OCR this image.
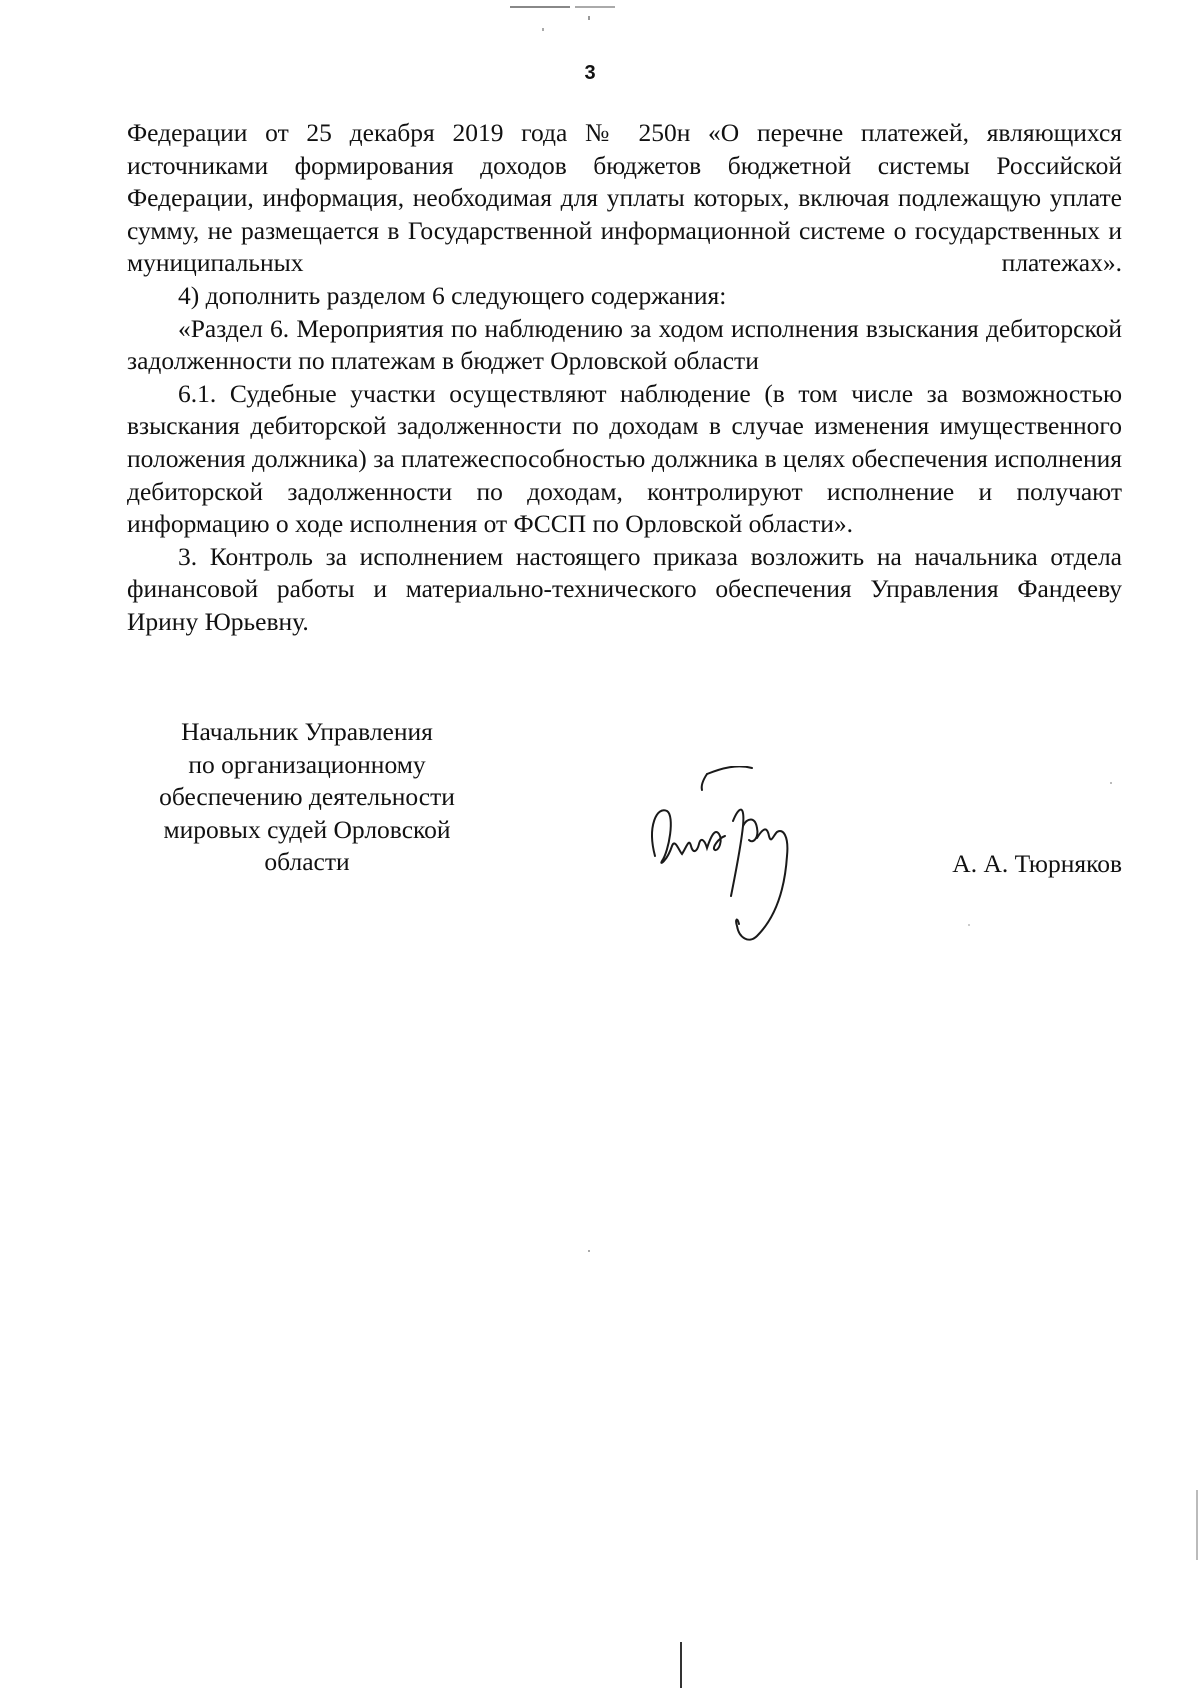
3

Федерации от 25 декабря 2019 года № 250н «О перечне платежей, являющихся источниками формирования доходов бюджетов бюджетной системы Российской Федерации, информация, необходимая для уплаты которых, включая подлежащую уплате сумму, не размещается в Государственной информационной системе о государственных и муниципальных платежах».

4) дополнить разделом 6 следующего содержания:

«Раздел 6. Мероприятия по наблюдению за ходом исполнения взыскания дебиторской задолженности по платежам в бюджет Орловской области

6.1. Судебные участки осуществляют наблюдение (в том числе за возможностью взыскания дебиторской задолженности по доходам в случае изменения имущественного положения должника) за платежеспособностью должника в целях обеспечения исполнения дебиторской задолженности по доходам, контролируют исполнение и получают информацию о ходе исполнения от ФССП по Орловской области».

3. Контроль за исполнением настоящего приказа возложить на начальника отдела финансовой работы и материально-технического обеспечения Управления Фандееву Ирину Юрьевну.

Начальник Управления
по организационному
обеспечению деятельности
мировых судей Орловской
области	А. А. Тюрняков
